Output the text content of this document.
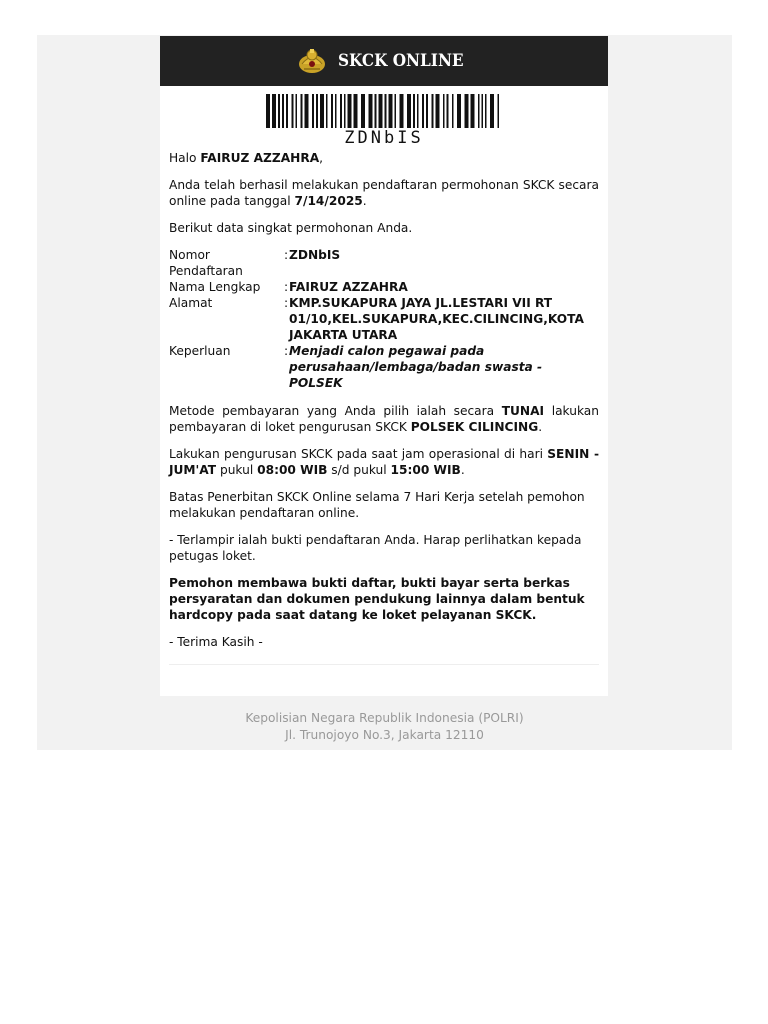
SKCK ONLINE
ZDNbIS

Halo FAIRUZ AZZAHRA,

Anda telah berhasil melakukan pendaftaran permohonan SKCK secara online pada tanggal 7/14/2025.

Berikut data singkat permohonan Anda.

Nomor Pendaftaran	:	ZDNbIS
Nama Lengkap	:	FAIRUZ AZZAHRA
Alamat	:	KMP.SUKAPURA JAYA JL.LESTARI VII RT 01/10,KEL.SUKAPURA,KEC.CILINCING,KOTA JAKARTA UTARA
Keperluan	:	Menjadi calon pegawai pada perusahaan/lembaga/badan swasta - POLSEK

Metode pembayaran yang Anda pilih ialah secara TUNAI lakukan pembayaran di loket pengurusan SKCK POLSEK CILINCING.

Lakukan pengurusan SKCK pada saat jam operasional di hari SENIN - JUM'AT pukul 08:00 WIB s/d pukul 15:00 WIB.

Batas Penerbitan SKCK Online selama 7 Hari Kerja setelah pemohon melakukan pendaftaran online.

- Terlampir ialah bukti pendaftaran Anda. Harap perlihatkan kepada petugas loket.

Pemohon membawa bukti daftar, bukti bayar serta berkas persyaratan dan dokumen pendukung lainnya dalam bentuk hardcopy pada saat datang ke loket pelayanan SKCK.

- Terima Kasih -

Kepolisian Negara Republik Indonesia (POLRI)
Jl. Trunojoyo No.3, Jakarta 12110
